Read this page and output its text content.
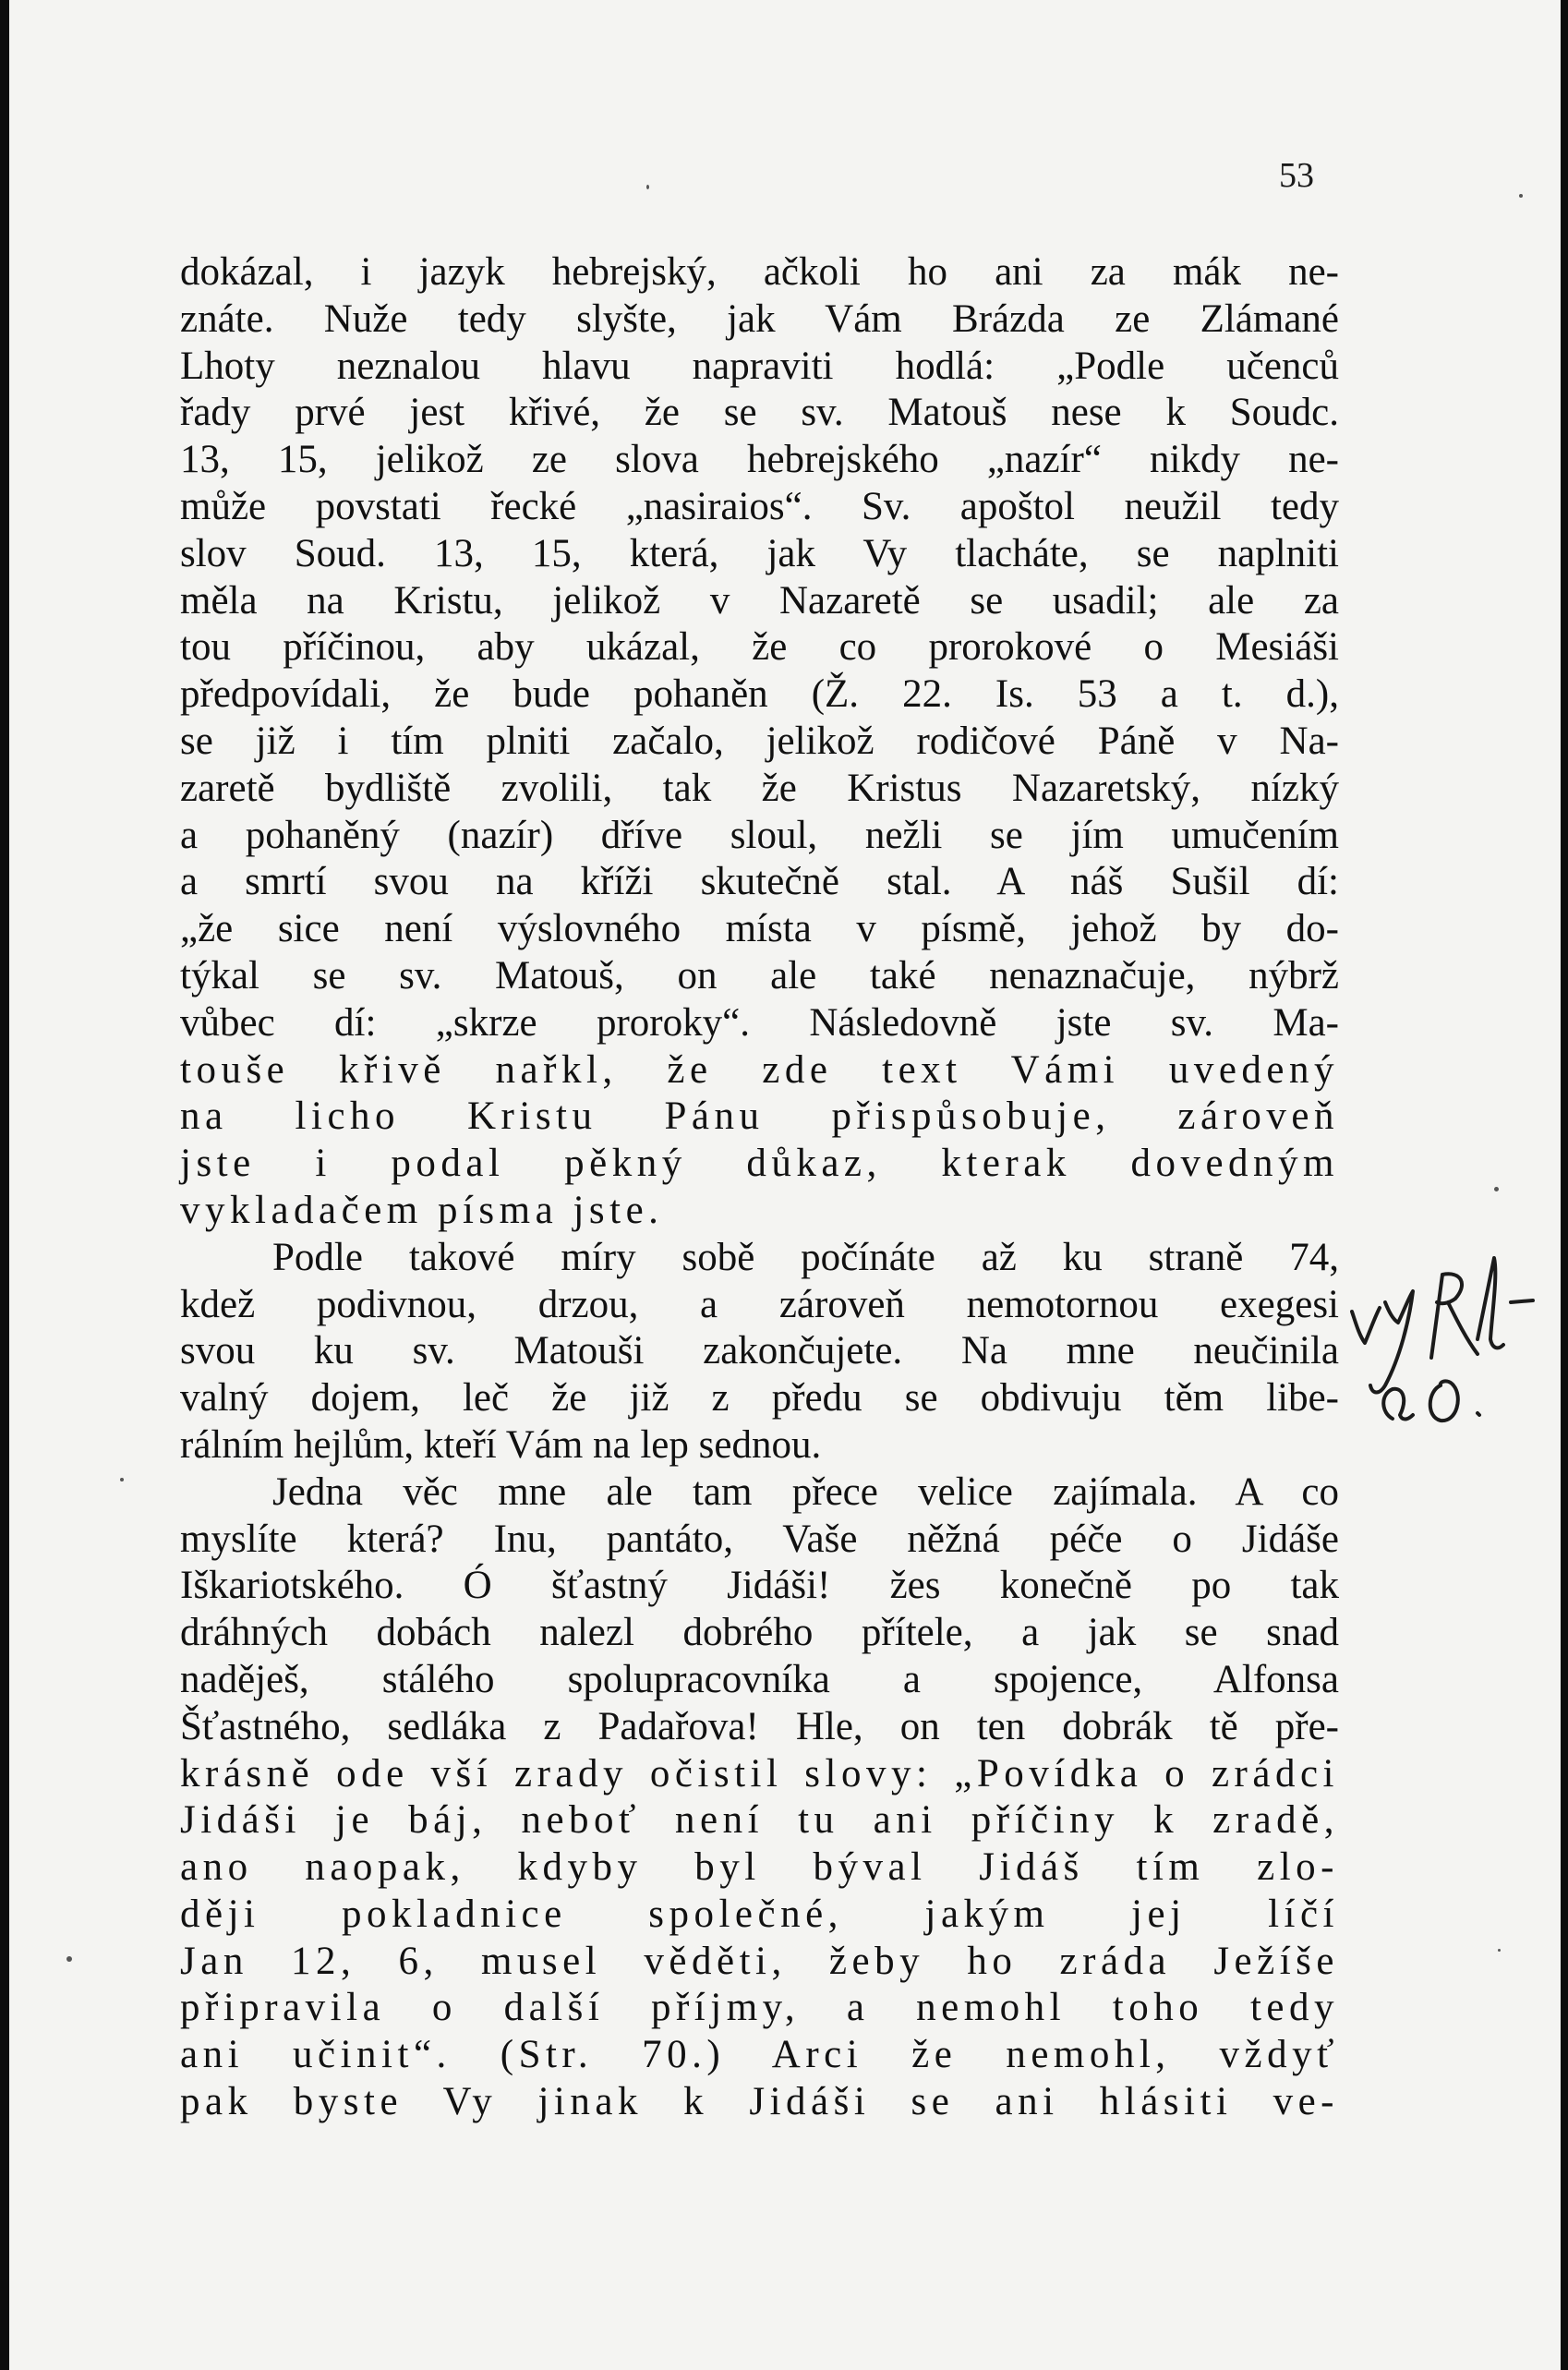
53
dokázal, i jazyk hebrejský, ačkoli ho ani za mák ne-
znáte. Nuže tedy slyšte, jak Vám Brázda ze Zlámané
Lhoty neznalou hlavu napraviti hodlá: „Podle učenců
řady prvé jest křivé, že se sv. Matouš nese k Soudc.
13, 15, jelikož ze slova hebrejského „nazír“ nikdy ne-
může povstati řecké „nasiraios“. Sv. apoštol neužil tedy
slov Soud. 13, 15, která, jak Vy tlacháte, se naplniti
měla na Kristu, jelikož v Nazaretě se usadil; ale za
tou příčinou, aby ukázal, že co prorokové o Mesiáši
předpovídali, že bude pohaněn (Ž. 22. Is. 53 a t. d.),
se již i tím plniti začalo, jelikož rodičové Páně v Na-
zaretě bydliště zvolili, tak že Kristus Nazaretský, nízký
a pohaněný (nazír) dříve sloul, nežli se jím umučením
a smrtí svou na kříži skutečně stal. A náš Sušil dí:
„že sice není výslovného místa v písmě, jehož by do-
týkal se sv. Matouš, on ale také nenaznačuje, nýbrž
vůbec dí: „skrze proroky“. Následovně jste sv. Ma-
touše křivě nařkl, že zde text Vámi uvedený
na licho Kristu Pánu přispůsobuje, zároveň
jste i podal pěkný důkaz, kterak dovedným
vykladačem písma jste.
Podle takové míry sobě počínáte až ku straně 74,
kdež podivnou, drzou, a zároveň nemotornou exegesi
svou ku sv. Matouši zakončujete. Na mne neučinila
valný dojem, leč že již z předu se obdivuju těm libe-
rálním hejlům, kteří Vám na lep sednou.
Jedna věc mne ale tam přece velice zajímala. A co
myslíte která? Inu, pantáto, Vaše něžná péče o Jidáše
Iškariotského. Ó šťastný Jidáši! žes konečně po tak
dráhných dobách nalezl dobrého přítele, a jak se snad
naděješ, stálého spolupracovníka a spojence, Alfonsa
Šťastného, sedláka z Padařova! Hle, on ten dobrák tě pře-
krásně ode vší zrady očistil slovy: „Povídka o zrádci
Jidáši je báj, neboť není tu ani příčiny k zradě,
ano naopak, kdyby byl býval Jidáš tím zlo-
ději pokladnice společné, jakým jej líčí
Jan 12, 6, musel věděti, žeby ho zráda Ježíše
připravila o další příjmy, a nemohl toho tedy
ani učinit“. (Str. 70.) Arci že nemohl, vždyť
pak byste Vy jinak k Jidáši se ani hlásiti ve-
